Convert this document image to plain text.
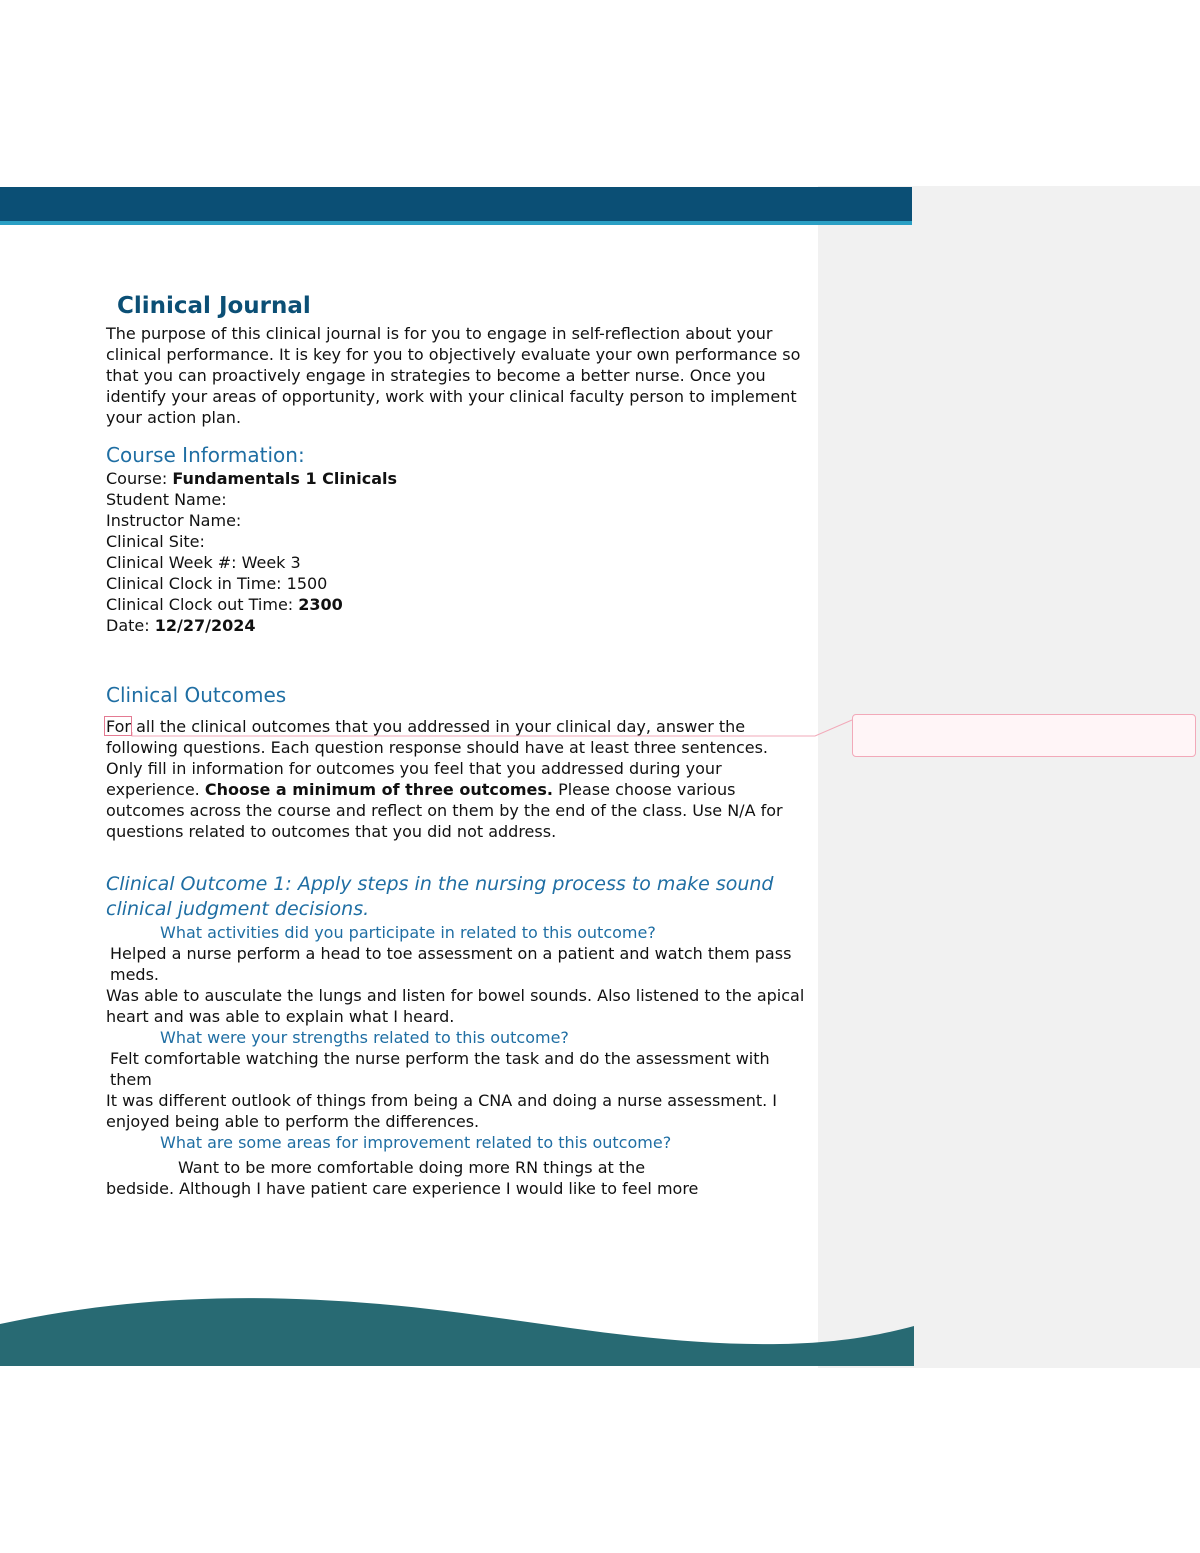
Clinical Journal

The purpose of this clinical journal is for you to engage in self-reflection about your clinical performance. It is key for you to objectively evaluate your own performance so that you can proactively engage in strategies to become a better nurse. Once you identify your areas of opportunity, work with your clinical faculty person to implement your action plan.

Course Information:

Course: Fundamentals 1 Clinicals

Student Name:

Instructor Name:

Clinical Site:

Clinical Week #: Week 3

Clinical Clock in Time: 1500

Clinical Clock out Time: 2300

Date: 12/27/2024

Clinical Outcomes

For all the clinical outcomes that you addressed in your clinical day, answer the following questions. Each question response should have at least three sentences. Only fill in information for outcomes you feel that you addressed during your experience. Choose a minimum of three outcomes. Please choose various outcomes across the course and reflect on them by the end of the class. Use N/A for questions related to outcomes that you did not address.

Clinical Outcome 1: Apply steps in the nursing process to make sound clinical judgment decisions.

What activities did you participate in related to this outcome?

Helped a nurse perform a head to toe assessment on a patient and watch them pass meds.

Was able to ausculate the lungs and listen for bowel sounds. Also listened to the apical heart and was able to explain what I heard.

What were your strengths related to this outcome?

Felt comfortable watching the nurse perform the task and do the assessment with them

It was different outlook of things from being a CNA and doing a nurse assessment. I enjoyed being able to perform the differences.

What are some areas for improvement related to this outcome?

Want to be more comfortable doing more RN things at the

bedside. Although I have patient care experience I would like to feel more
